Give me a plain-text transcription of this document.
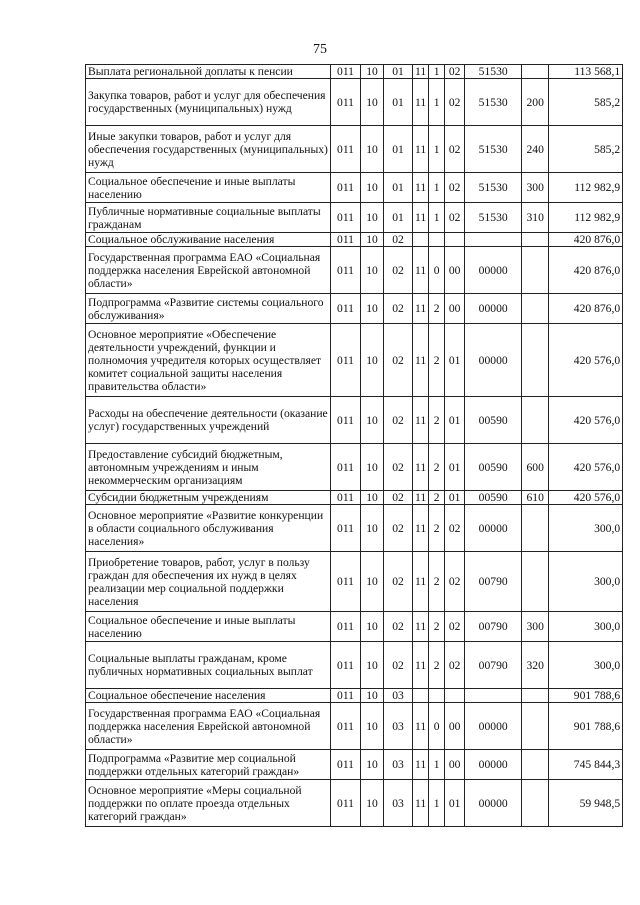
75
Выплата региональной доплаты к пенсии	011	10	01	11	1	02	51530		113 568,1
Закупка товаров, работ и услуг для обеспечения государственных (муниципальных) нужд	011	10	01	11	1	02	51530	200	585,2
Иные закупки товаров, работ и услуг для обеспечения государственных (муниципальных) нужд	011	10	01	11	1	02	51530	240	585,2
Социальное обеспечение и иные выплаты населению	011	10	01	11	1	02	51530	300	112 982,9
Публичные нормативные социальные выплаты гражданам	011	10	01	11	1	02	51530	310	112 982,9
Социальное обслуживание населения	011	10	02						420 876,0
Государственная программа ЕАО «Социальная поддержка населения Еврейской автономной области»	011	10	02	11	0	00	00000		420 876,0
Подпрограмма «Развитие системы социального обслуживания»	011	10	02	11	2	00	00000		420 876,0
Основное мероприятие «Обеспечение деятельности учреждений, функции и полномочия учредителя которых осуществляет комитет социальной защиты населения правительства области»	011	10	02	11	2	01	00000		420 576,0
Расходы на обеспечение деятельности (оказание услуг) государственных учреждений	011	10	02	11	2	01	00590		420 576,0
Предоставление субсидий бюджетным, автономным учреждениям и иным некоммерческим организациям	011	10	02	11	2	01	00590	600	420 576,0
Субсидии бюджетным учреждениям	011	10	02	11	2	01	00590	610	420 576,0
Основное мероприятие «Развитие конкуренции в области социального обслуживания населения»	011	10	02	11	2	02	00000		300,0
Приобретение товаров, работ, услуг в пользу граждан для обеспечения их нужд в целях реализации мер социальной поддержки населения	011	10	02	11	2	02	00790		300,0
Социальное обеспечение и иные выплаты населению	011	10	02	11	2	02	00790	300	300,0
Социальные выплаты гражданам, кроме публичных нормативных социальных выплат	011	10	02	11	2	02	00790	320	300,0
Социальное обеспечение населения	011	10	03						901 788,6
Государственная программа ЕАО «Социальная поддержка населения Еврейской автономной области»	011	10	03	11	0	00	00000		901 788,6
Подпрограмма «Развитие мер социальной поддержки отдельных категорий граждан»	011	10	03	11	1	00	00000		745 844,3
Основное мероприятие «Меры социальной поддержки по оплате проезда отдельных категорий граждан»	011	10	03	11	1	01	00000		59 948,5
